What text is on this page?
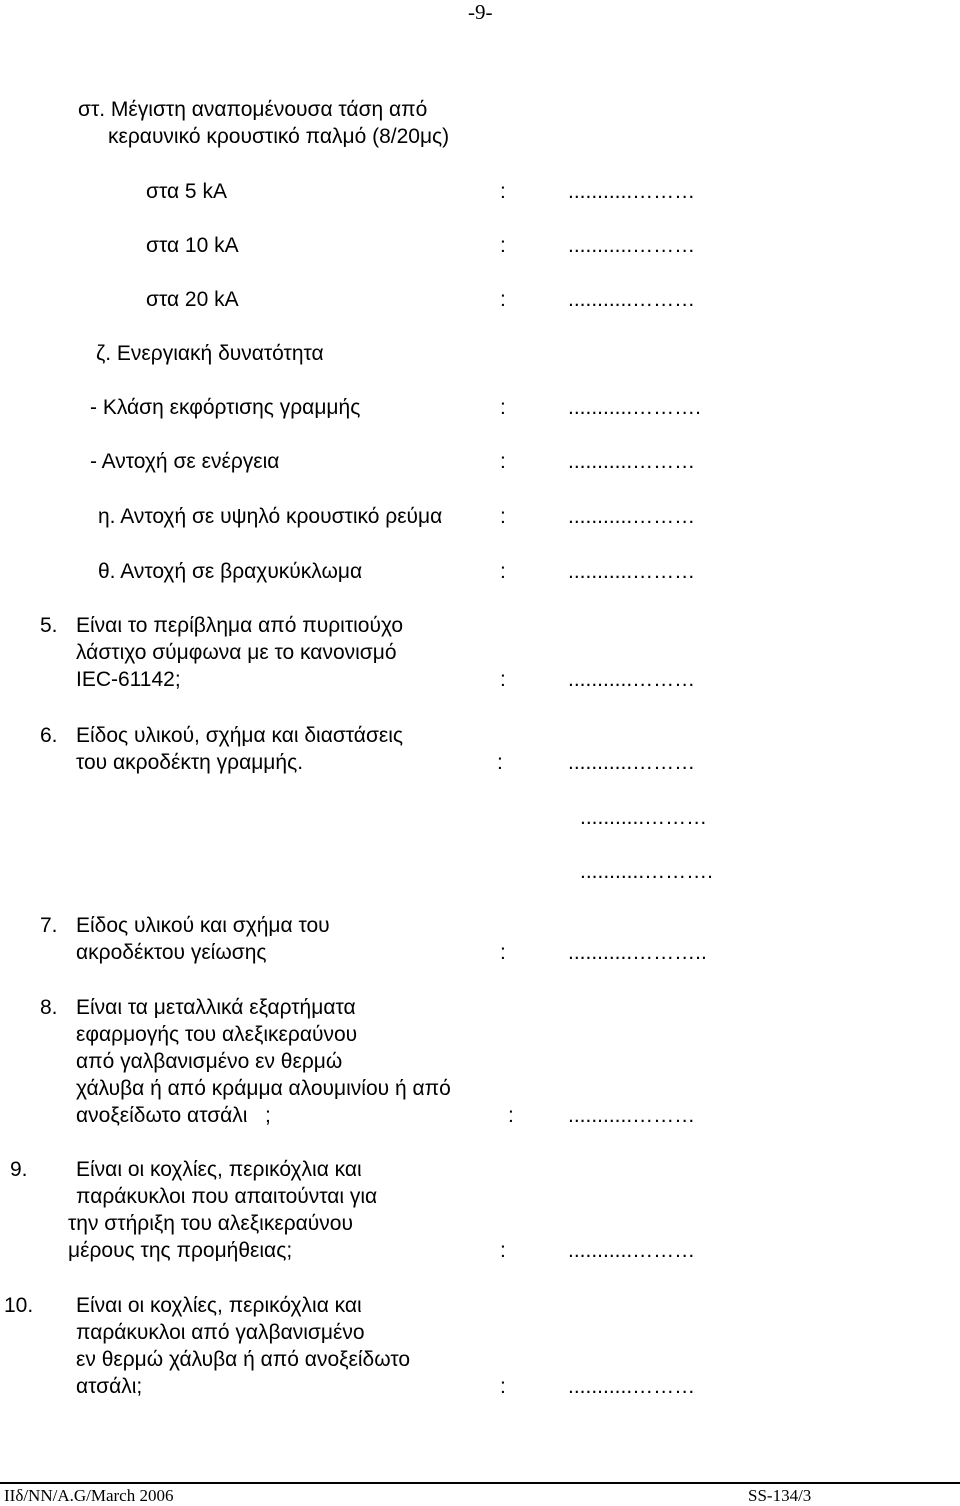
-9-
στ. Μέγιστη αναπομένουσα τάση από
κεραυνικό κρουστικό παλμό (8/20μς)
στα 5 kA	:	...........………
στα 10 kA	:	...........………
στα 20 kA	:	...........………
ζ. Ενεργιακή δυνατότητα
- Κλάση εκφόρτισης γραμμής	:	...........……….
- Αντοχή σε ενέργεια	:	...........………
η. Αντοχή σε υψηλό κρουστικό ρεύμα	:	...........………
θ. Αντοχή σε βραχυκύκλωμα	:	...........………
5. Είναι το περίβλημα από πυριτιούχο
λάστιχο σύμφωνα με το κανονισμό
IEC-61142;	:	...........………
6. Είδος υλικού, σχήμα και διαστάσεις
του ακροδέκτη γραμμής.	:	...........………
...........………
...........……….
7. Είδος υλικού και σχήμα του
ακροδέκτου γείωσης	:	...........………..
8. Είναι τα μεταλλικά εξαρτήματα
εφαρμογής του αλεξικεραύνου
από γαλβανισμένο εν θερμώ
χάλυβα ή από κράμμα αλουμινίου ή από
ανοξείδωτο ατσάλι   ;	:	...........………
9. Είναι οι κοχλίες, περικόχλια και
παράκυκλοι που απαιτούνται για
την στήριξη του αλεξικεραύνου
μέρους της προμήθειας;	:	...........………
10. Είναι οι κοχλίες, περικόχλια και
παράκυκλοι από γαλβανισμένο
εν θερμώ χάλυβα ή από ανοξείδωτο
ατσάλι;	:	...........………
ΙΙδ/ΝΝ/Α.G/March 2006	SS-134/3
